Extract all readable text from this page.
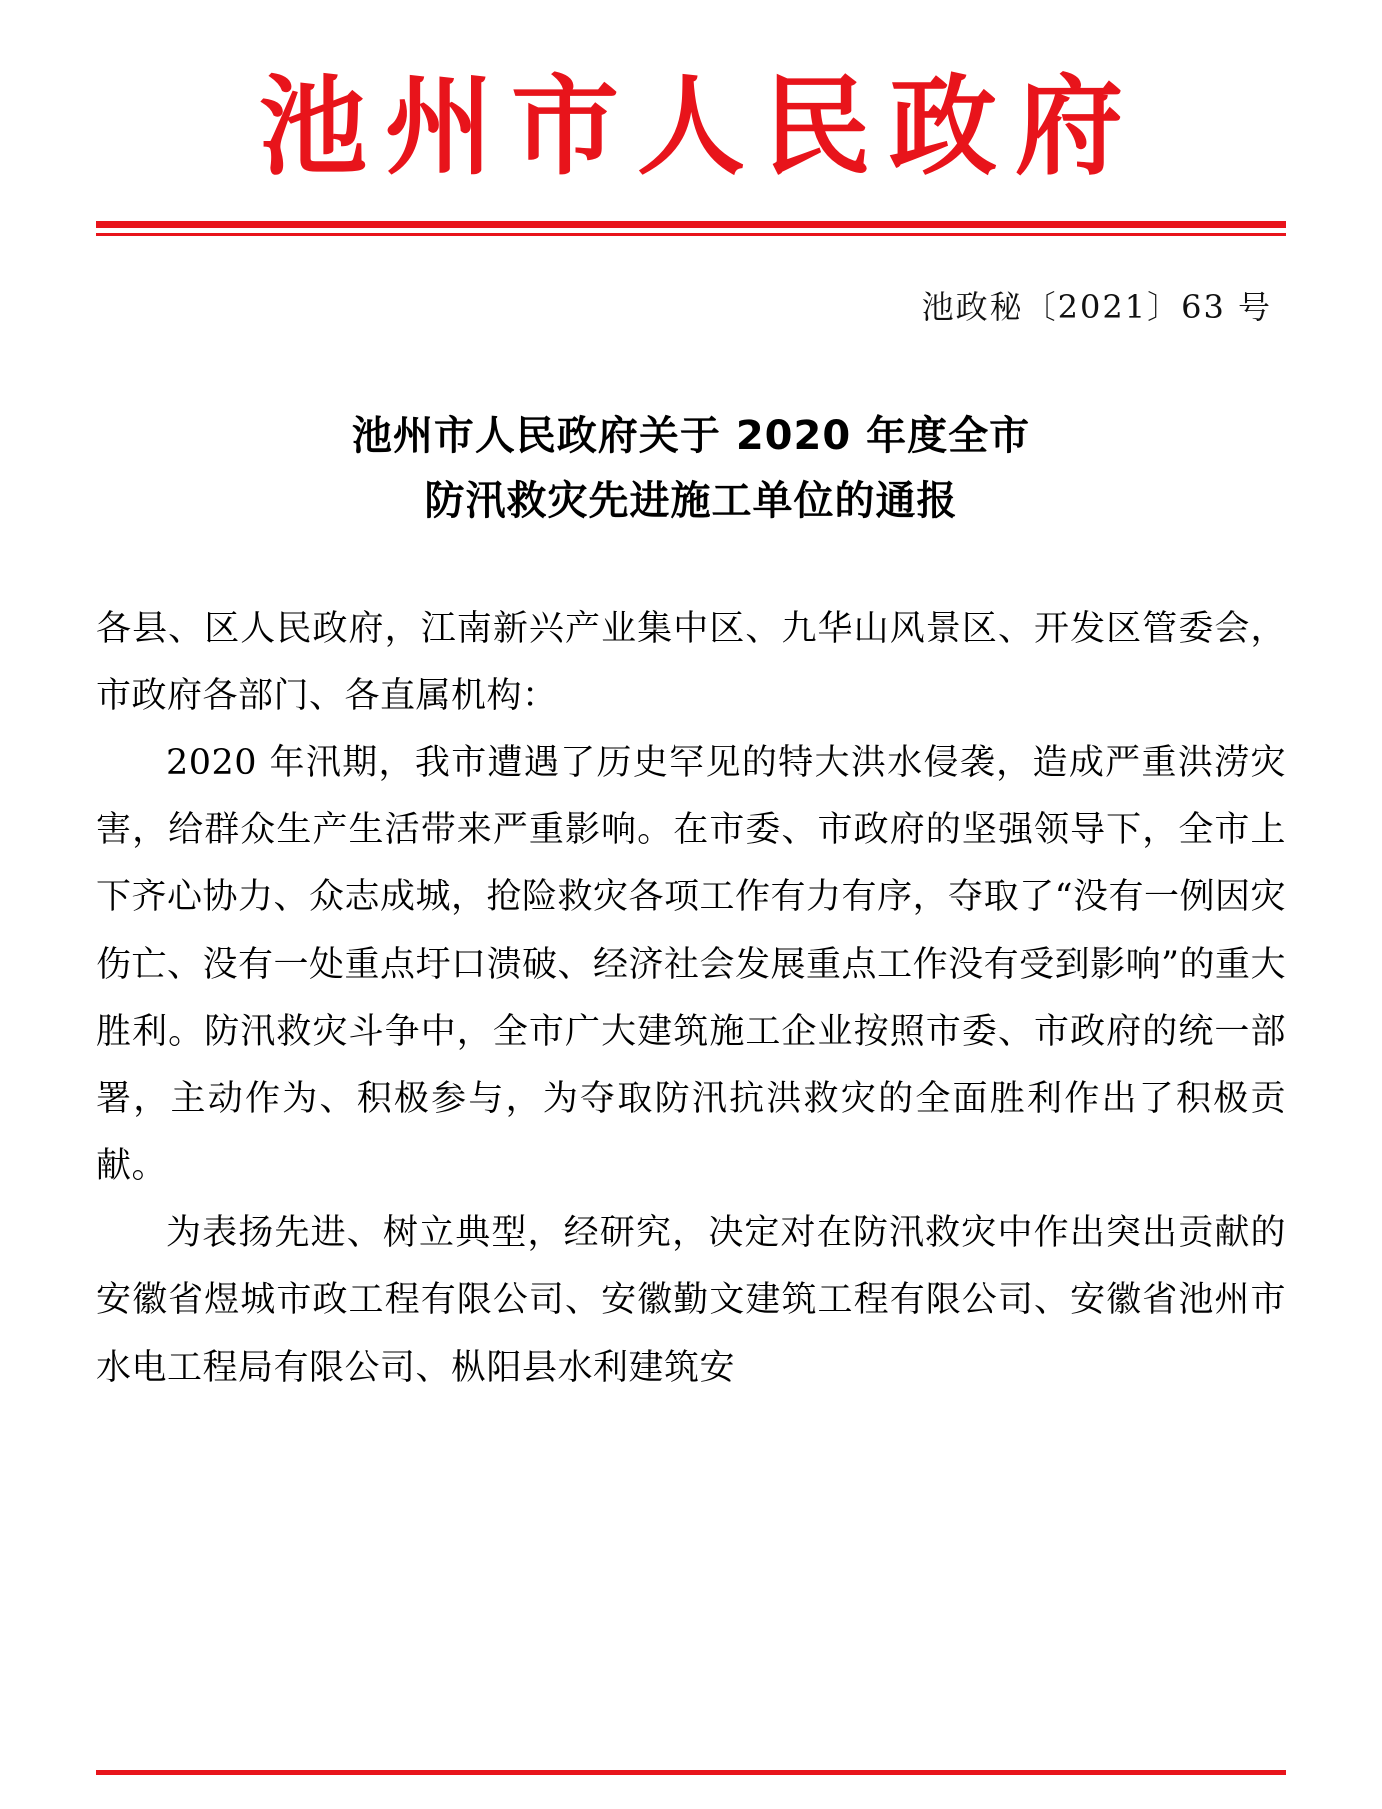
池州市人民政府
池政秘〔2021〕63 号
池州市人民政府关于 2020 年度全市
防汛救灾先进施工单位的通报

各县、区人民政府，江南新兴产业集中区、九华山风景区、开发区管委会，市政府各部门、各直属机构：

2020 年汛期，我市遭遇了历史罕见的特大洪水侵袭，造成严重洪涝灾害，给群众生产生活带来严重影响。在市委、市政府的坚强领导下，全市上下齐心协力、众志成城，抢险救灾各项工作有力有序，夺取了“没有一例因灾伤亡、没有一处重点圩口溃破、经济社会发展重点工作没有受到影响”的重大胜利。防汛救灾斗争中，全市广大建筑施工企业按照市委、市政府的统一部署，主动作为、积极参与，为夺取防汛抗洪救灾的全面胜利作出了积极贡献。

为表扬先进、树立典型，经研究，决定对在防汛救灾中作出突出贡献的安徽省煜城市政工程有限公司、安徽勤文建筑工程有限公司、安徽省池州市水电工程局有限公司、枞阳县水利建筑安
